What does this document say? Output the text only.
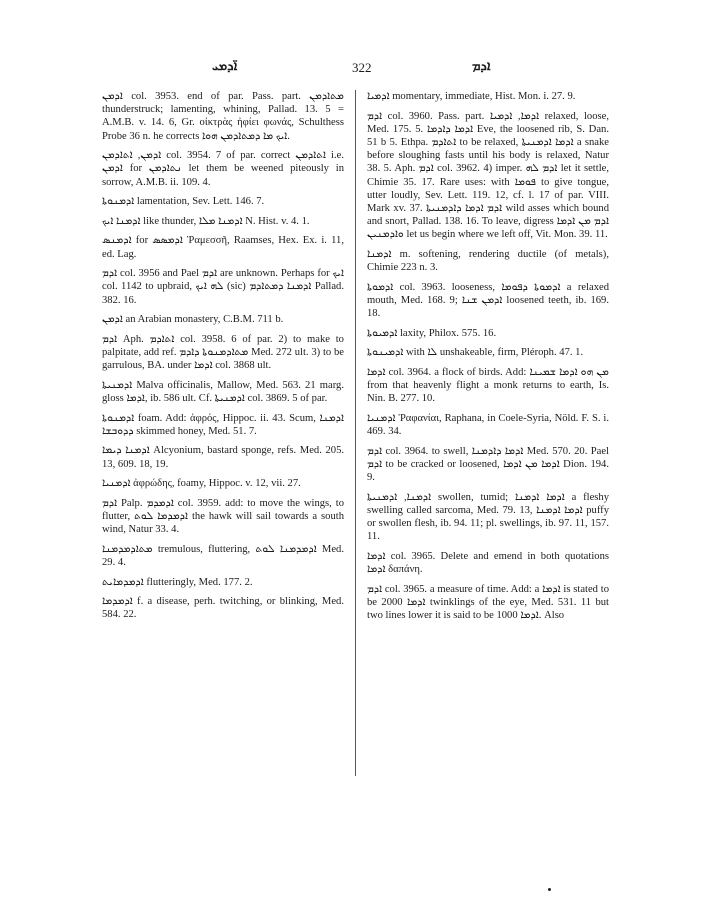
ܐ̈ܕܡܝ	322	ܐܕܡ

ܐܕܡܢ col. 3953. end of par. Pass. part. ܡܬܐܕܡܢ thunderstruck; lamenting, whining, Pallad. 13. 5 = A.M.B. v. 14. 6, Gr. οἰκτρὰς ἠφίει φωνάς, Schulthess Probe 36 n. he corrects ܐܝܟ ܡܐ ܕܡܬܐܕܡܢ ܗܘܐ.

ܐܕܡܢ, ܐܬܐܕܡܢ col. 3954. 7 of par. correct ܐܬܐܕܡܢ i.e. ܐܕܡܢ for ܢܬܐܕܡܢ let them be weened piteously in sorrow, A.M.B. ii. 109. 4.

ܐܕܡܢܘܬܐ lamentation, Sev. Lett. 146. 7.

ܐܕܡܢܐ ܐܝܟ like thunder, ܐܕܡܢܐ ܡܠܐ N. Hist. v. 4. 1.

ܐܕܡܢܣ for ܐܕܡܣܣ Ῥαμεσσῆ, Raamses, Hex. Ex. i. 11, ed. Lag.

ܐܕܡ col. 3956 and Pael ܐܕܡ are unknown. Perhaps for ܐܝܟ col. 1142 to upbraid, ܠܗ ܐܝܟ (sic) ܐܕܡܢܐ ܕܡܬܐܕܡ Pallad. 382. 16.

ܐܕܡܢ an Arabian monastery, C.B.M. 711 b.

ܐܕܡ Aph. ܐܬܐܕܡ col. 3958. 6 of par. 2) to make to palpitate, add ref. ܡܬܐܕܡܢܘܬܐ ܕܐܕܡ Med. 272 ult. 3) to be garrulous, BA. under ܐܕܡܐ col. 3868 ult.

ܐܕܡܢܝܬܐ Malva officinalis, Mallow, Med. 563. 21 marg. gloss ܐܕܡܐ, ib. 586 ult. Cf. ܐܕܡܢܝܬܐ col. 3869. 5 of par.

ܐܕܡܢܘܬܐ foam. Add: ἀφρός, Hippoc. ii. 43. Scum, ܐܕܡܢܐ ܕܕܘܒܫܐ skimmed honey, Med. 51. 7.

ܐܕܡܢܐ ܕܝܡܐ Alcyonium, bastard sponge, refs. Med. 205. 13, 609. 18, 19.

ܐܕܡܢܝܐ ἀφρώδης, foamy, Hippoc. v. 12, vii. 27.

ܐܕܡ Palp. ܐܕܡܕܡ col. 3959. add: to move the wings, to flutter, ܐܕܡܕܡܐ ܠܘܬ the hawk will sail towards a south wind, Natur 33. 4.

ܡܬܐܕܡܕܡܢܐ tremulous, fluttering, ܐܕܡܕܡܢܐ ܠܘܬ Med. 29. 4.

ܐܕܡܕܡܐܝܬ flutteringly, Med. 177. 2.

ܐܕܡܕܡܐ f. a disease, perh. twitching, or blinking, Med. 584. 22.

ܐܕܡܝܐ momentary, immediate, Hist. Mon. i. 27. 9.

ܐܕܡ col. 3960. Pass. part. ܐܕܡܐ, ܐܕܡܝܐ relaxed, loose, Med. 175. 5. ܐܕܡܐ ܕܐܕܡܐ Eve, the loosened rib, S. Dan. 51 b 5. Ethpa. ܐܬܐܕܡ to be relaxed, ܐܕܡܐ ܐܕܡܢܝܬܐ a snake before sloughing fasts until his body is relaxed, Natur 38. 5. Aph. ܐܕܡ col. 3962. 4) imper. ܐܕܡ ܠܗ let it settle, Chimie 35. 17. Rare uses: with ܦܘܡܐ to give tongue, utter loudly, Sev. Lett. 119. 12, cf. l. 17 of par. VIII. Mark xv. 37. ܐܕܡ ܐܕܡܐ ܕܐܕܡܢܝܬܐ wild asses which bound and snort, Pallad. 138. 16. To leave, digress ܐܕܡ ܡܢ ܐܕܡܐ ܘܐܕܡܢܝܢ let us begin where we left off, Vit. Mon. 39. 11.

ܐܕܡܢܐ m. softening, rendering ductile (of metals), Chimie 223 n. 3.

ܐܕܡܘܬܐ col. 3963. looseness, ܐܕܡܘܬܐ ܕܦܘܡܐ a relaxed mouth, Med. 168. 9; ܐܕܡܢ ܫܢܐ loosened teeth, ib. 169. 18.

ܐܕܡܝܘܬܐ laxity, Philox. 575. 16.

ܐܕܡܝܢܘܬܐ with ܠܐ unshakeable, firm, Pléroph. 47. 1.

ܐܕܡܐ col. 3964. a flock of birds. Add: ܡܢ ܗܘ ܐܕܡܐ ܫܡܝܢܐ from that heavenly flight a monk returns to earth, Is. Nin. B. 277. 10.

ܐܕܡܢܝܐ Ῥαφανίαι, Raphana, in Coele-Syria, Nöld. F. S. i. 469. 34.

ܐܕܡ col. 3964. to swell, ܐܕܡܐ ܕܐܕܡܢܐ Med. 570. 20. Pael ܐܕܡ to be cracked or loosened, ܐܕܡܐ ܡܢ ܐܕܡܐ Dion. 194. 9.

ܐܕܡܢܐ, ܐܕܡܢܝܬܐ swollen, tumid; ܐܕܡܐ ܐܕܡܢܐ a fleshy swelling called sarcoma, Med. 79. 13, ܐܕܡܐ ܐܕܡܢܐ puffy or swollen flesh, ib. 94. 11; pl. swellings, ib. 97. 11, 157. 11.

ܐܕܡܐ col. 3965. Delete and emend in both quotations ܐܕܡܐ δαπάνη.

ܐܕܡ col. 3965. a measure of time. Add: a ܐܕܡܐ is stated to be 2000 ܐܕܡܐ twinklings of the eye, Med. 531. 11 but two lines lower it is said to be 1000 ܐܕܡܐ. Also
